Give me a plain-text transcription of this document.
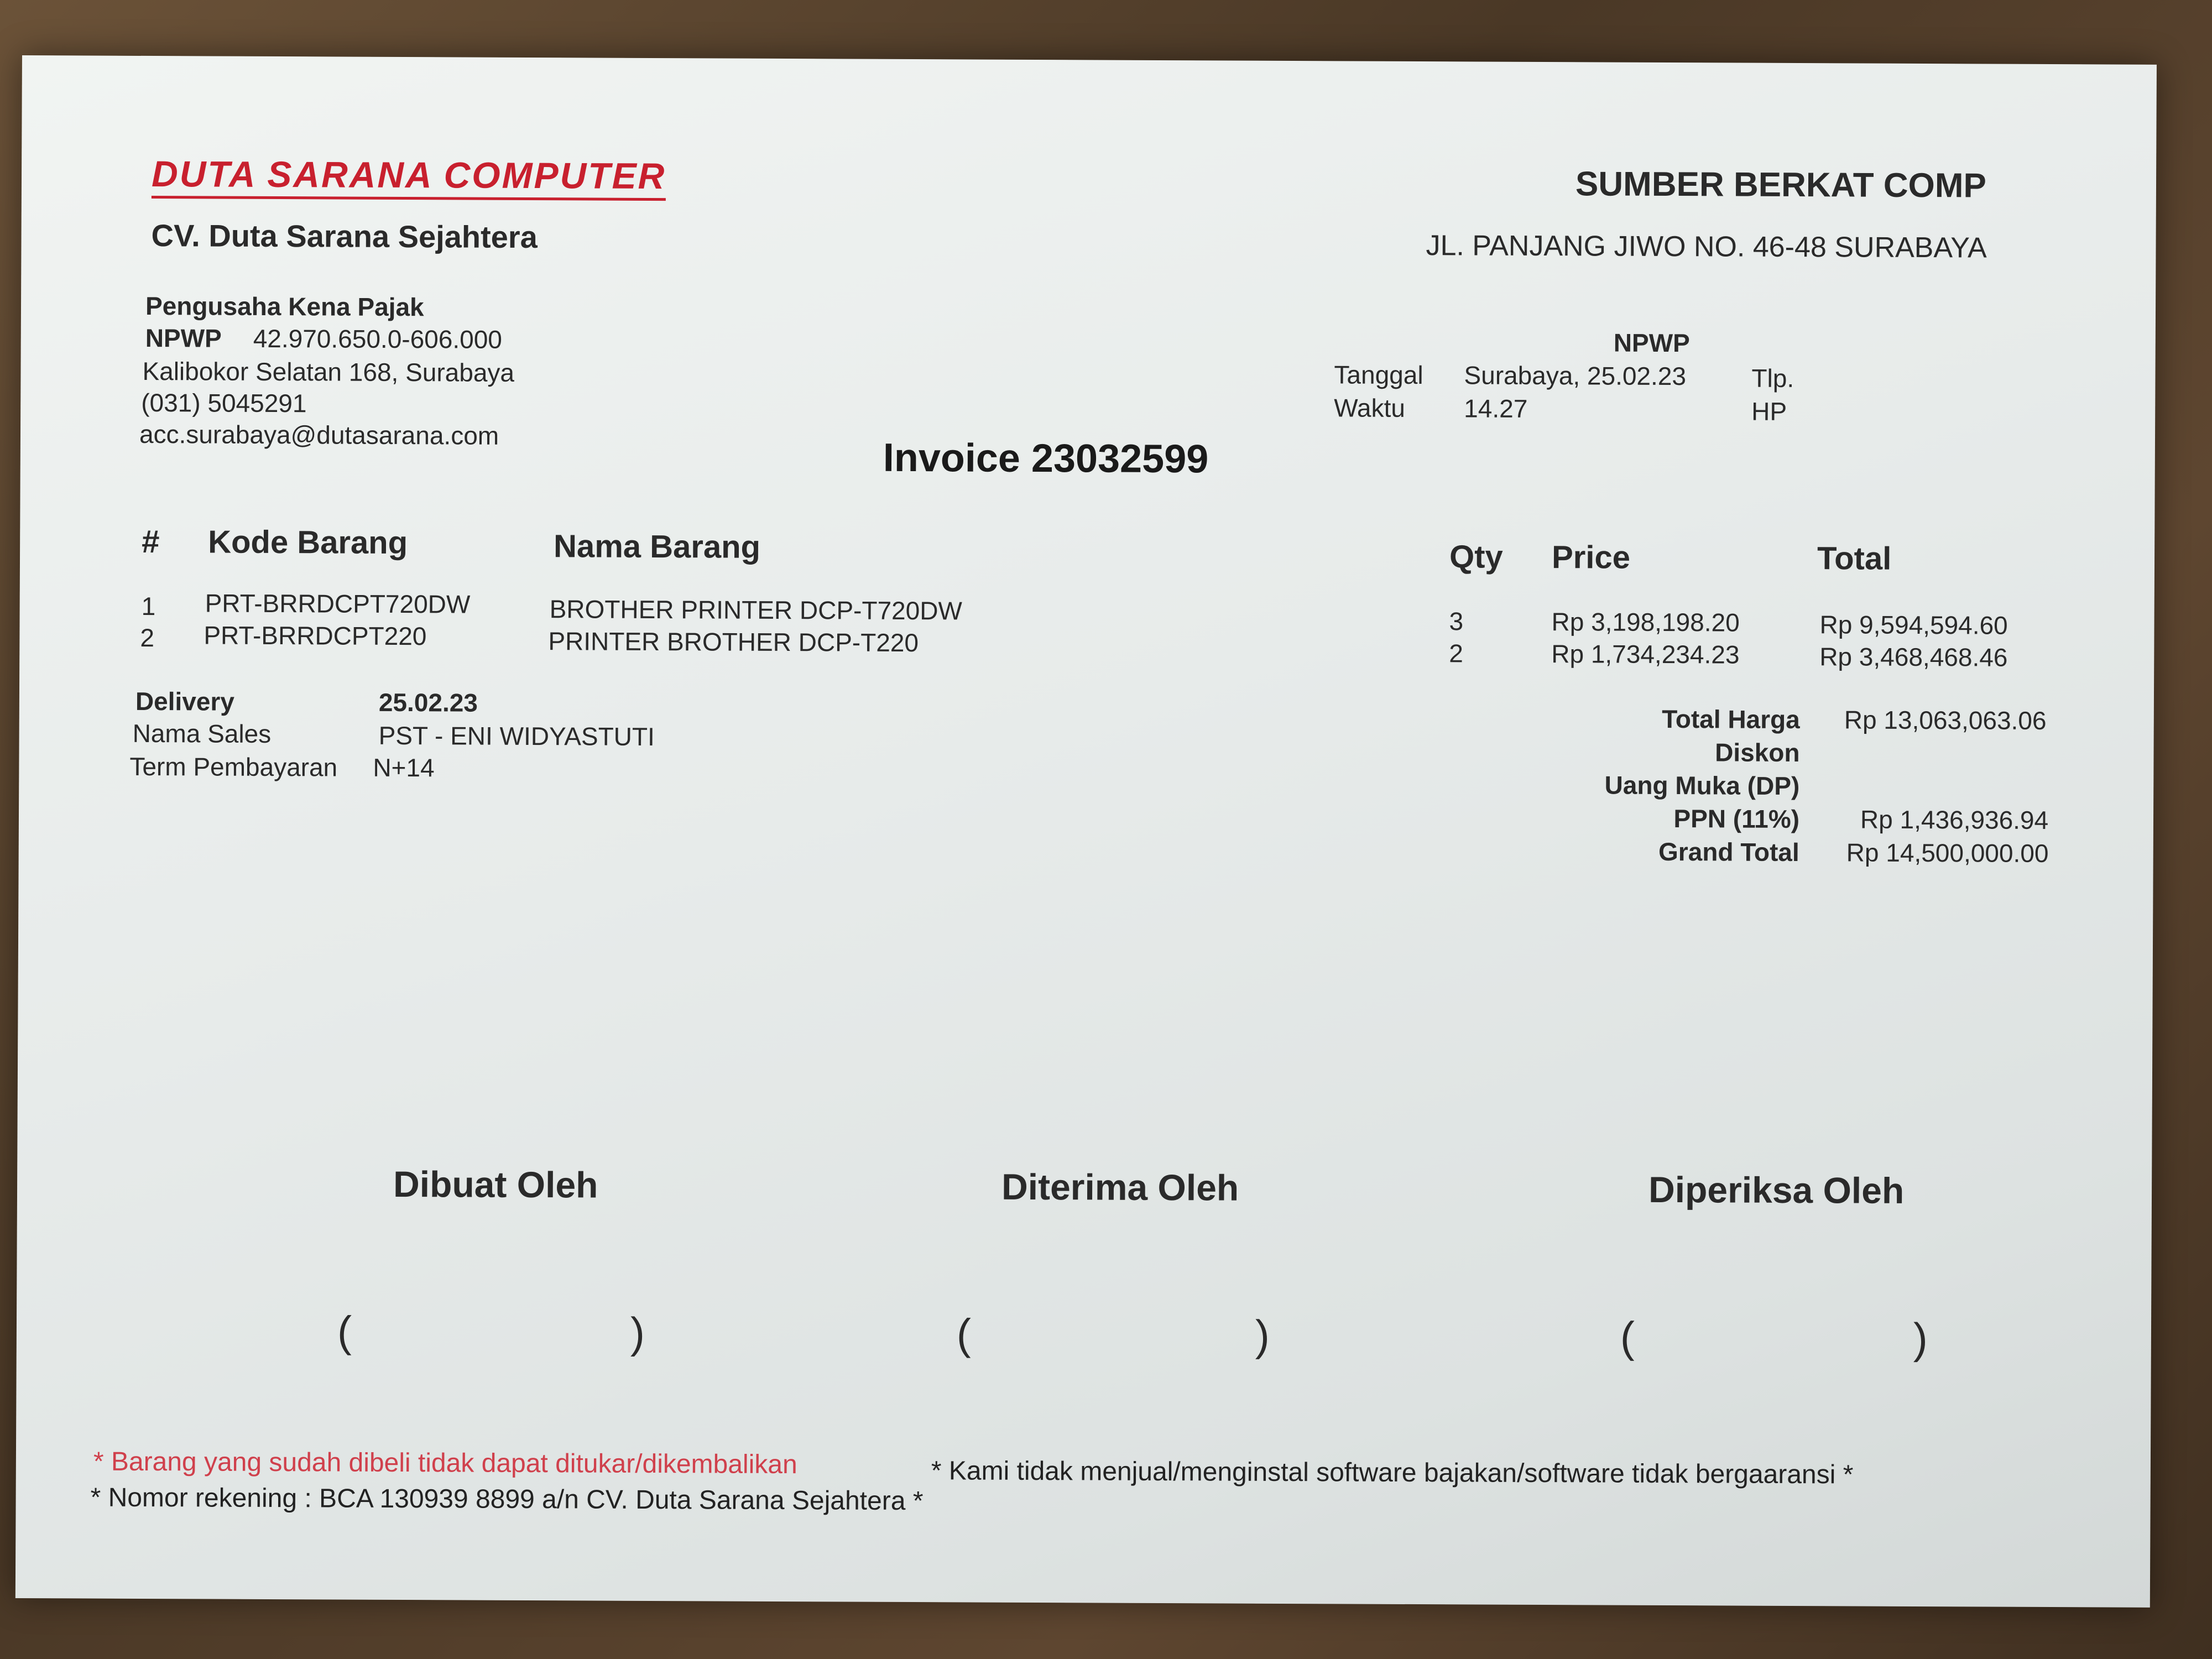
DUTA SARANA COMPUTER
CV. Duta Sarana Sejahtera
Pengusaha Kena Pajak
NPWP 42.970.650.0-606.000
Kalibokor Selatan 168, Surabaya
(031) 5045291
acc.surabaya@dutasarana.com
SUMBER BERKAT COMP
JL. PANJANG JIWO NO. 46-48 SURABAYA
NPWP
Tanggal Surabaya, 25.02.23	Tlp.
Waktu 14.27	HP
Invoice 23032599
# Kode Barang	Nama Barang	Qty Price	Total
1 PRT-BRRDCPT720DW	BROTHER PRINTER DCP-T720DW	3	Rp 3,198,198.20	Rp 9,594,594.60
2 PRT-BRRDCPT220	PRINTER BROTHER DCP-T220	2	Rp 1,734,234.23	Rp 3,468,468.46
Delivery	25.02.23
Nama Sales	PST - ENI WIDYASTUTI
Term Pembayaran N+14
Total Harga Rp 13,063,063.06
Diskon
Uang Muka (DP)
PPN (11%) Rp 1,436,936.94
Grand Total Rp 14,500,000.00
Dibuat Oleh	Diterima Oleh	Diperiksa Oleh
(	)	(	)	(	)
* Barang yang sudah dibeli tidak dapat ditukar/dikembalikan	* Kami tidak menjual/menginstal software bajakan/software tidak bergaaransi *
* Nomor rekening : BCA 130939 8899 a/n CV. Duta Sarana Sejahtera *
